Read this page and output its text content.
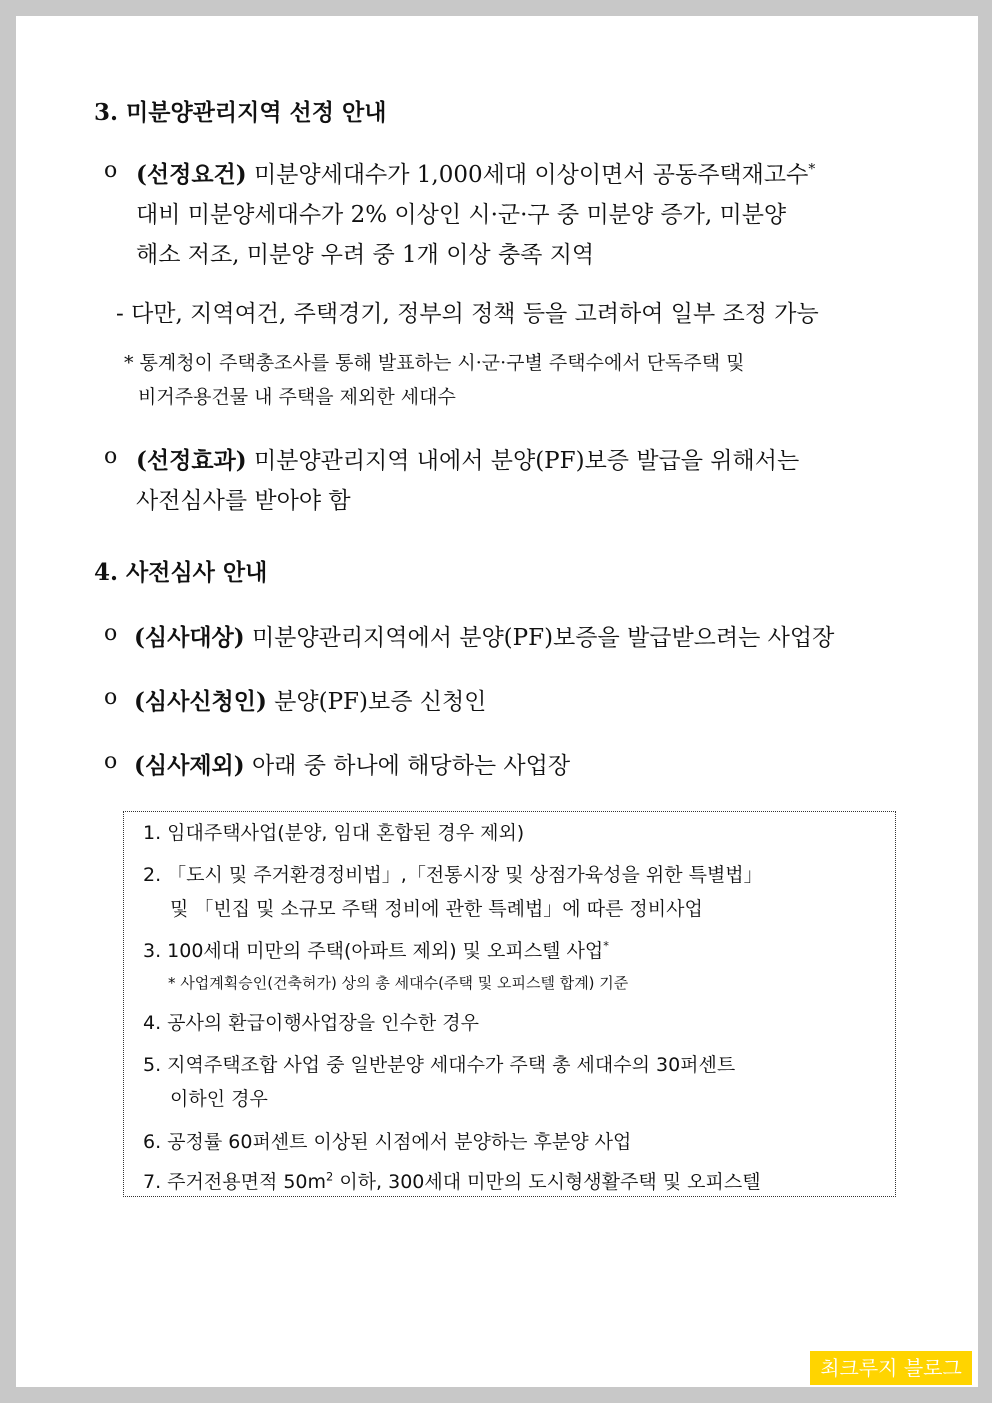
3. 미분양관리지역 선정 안내
o (선정요건) 미분양세대수가 1,000세대 이상이면서 공동주택재고수*
대비 미분양세대수가 2% 이상인 시·군·구 중 미분양 증가, 미분양
해소 저조, 미분양 우려 중 1개 이상 충족 지역
- 다만, 지역여건, 주택경기, 정부의 정책 등을 고려하여 일부 조정 가능
* 통계청이 주택총조사를 통해 발표하는 시·군·구별 주택수에서 단독주택 및
비거주용건물 내 주택을 제외한 세대수
o (선정효과) 미분양관리지역 내에서 분양(PF)보증 발급을 위해서는
사전심사를 받아야 함
4. 사전심사 안내
o (심사대상) 미분양관리지역에서 분양(PF)보증을 발급받으려는 사업장
o (심사신청인) 분양(PF)보증 신청인
o (심사제외) 아래 중 하나에 해당하는 사업장
1. 임대주택사업(분양, 임대 혼합된 경우 제외)
2. 「도시 및 주거환경정비법」,「전통시장 및 상점가육성을 위한 특별법」
및 「빈집 및 소규모 주택 정비에 관한 특례법」에 따른 정비사업
3. 100세대 미만의 주택(아파트 제외) 및 오피스텔 사업*
* 사업계획승인(건축허가) 상의 총 세대수(주택 및 오피스텔 합계) 기준
4. 공사의 환급이행사업장을 인수한 경우
5. 지역주택조합 사업 중 일반분양 세대수가 주택 총 세대수의 30퍼센트
이하인 경우
6. 공정률 60퍼센트 이상된 시점에서 분양하는 후분양 사업
7. 주거전용면적 $50m^2$ 이하, 300세대 미만의 도시형생활주택 및 오피스텔
최크루지 블로그
